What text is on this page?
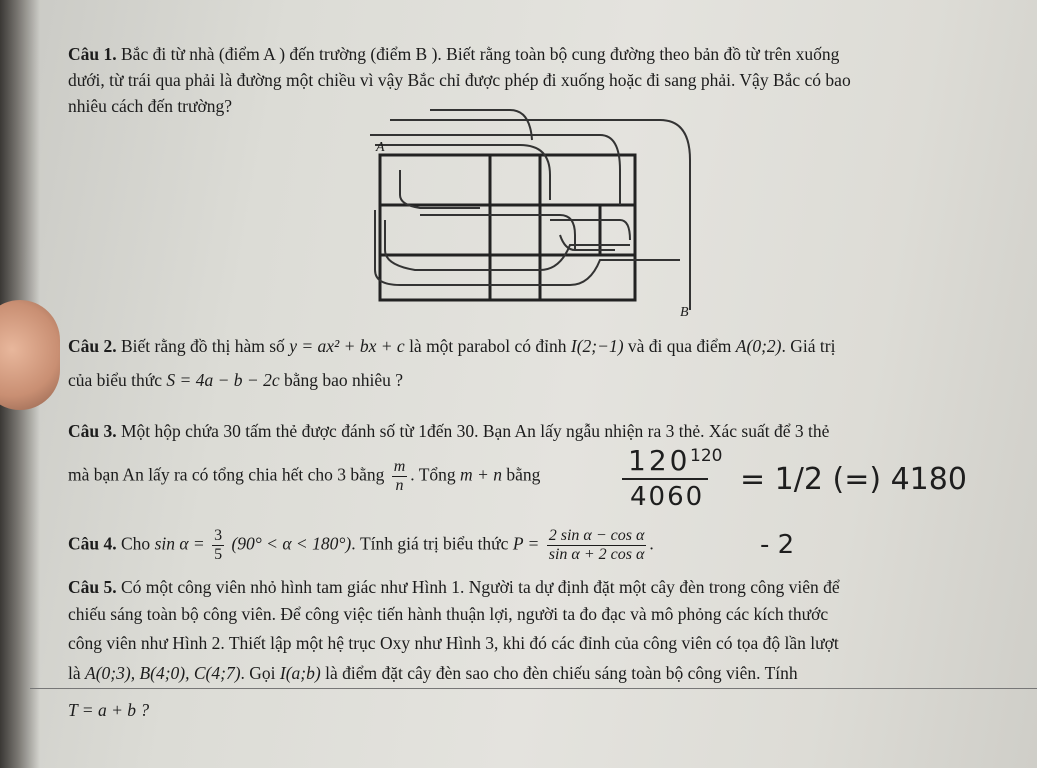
Câu 1. Bắc đi từ nhà (điểm A ) đến trường (điểm B ). Biết rằng toàn bộ cung đường theo bản đồ từ trên xuống
dưới, từ trái qua phải là đường một chiều vì vậy Bắc chỉ được phép đi xuống hoặc đi sang phải. Vậy Bắc có bao
nhiêu cách đến trường?
A
B
Câu 2. Biết rằng đồ thị hàm số y = ax² + bx + c là một parabol có đỉnh I(2;−1) và đi qua điểm A(0;2). Giá trị
của biểu thức S = 4a − b − 2c bằng bao nhiêu ?
Câu 3. Một hộp chứa 30 tấm thẻ được đánh số từ 1đến 30. Bạn An lấy ngẫu nhiện ra 3 thẻ. Xác suất để 3 thẻ
mà bạn An lấy ra có tổng chia hết cho 3 bằng $\frac{m}{n}$ . Tổng m + n bằng	120 120
4060 = 1/2 (=) 4180
Câu 4. Cho $\sin \alpha = \frac{3}{5} (90^\circ < \alpha < 180^\circ)$. Tính giá trị biểu thức $P = \frac{\text{2 sin α − cos α}}{\text{sin α + 2 cos α}}$ .	- 2
Câu 5. Có một công viên nhỏ hình tam giác như Hình 1. Người ta dự định đặt một cây đèn trong công viên để
chiếu sáng toàn bộ công viên. Để công việc tiến hành thuận lợi, người ta đo đạc và mô phỏng các kích thước
công viên như Hình 2. Thiết lập một hệ trục Oxy như Hình 3, khi đó các đỉnh của công viên có tọa độ lần lượt
là A(0;3), B(4;0), C(4;7). Gọi I(a;b) là điểm đặt cây đèn sao cho đèn chiếu sáng toàn bộ công viên. Tính
T = a + b ?
